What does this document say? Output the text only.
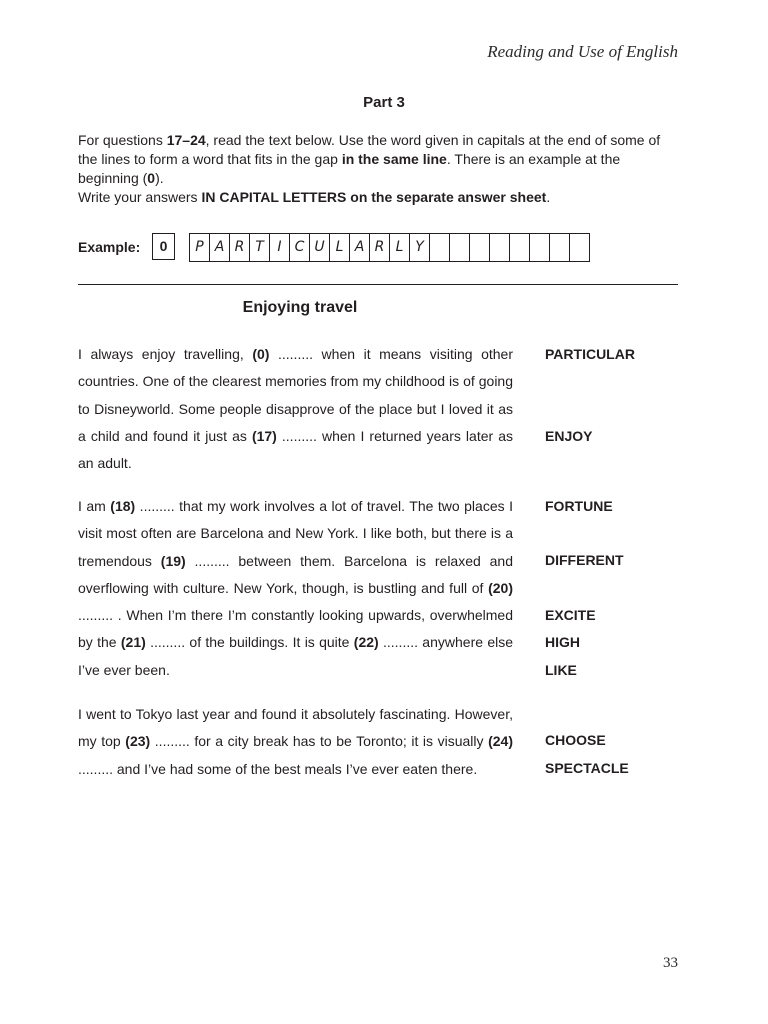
Reading and Use of English
Part 3
For questions 17–24, read the text below. Use the word given in capitals at the end of some of the lines to form a word that fits in the gap in the same line. There is an example at the beginning (0).
Write your answers IN CAPITAL LETTERS on the separate answer sheet.
Example:	0	P A R T I C U L A R L Y
Enjoying travel
I always enjoy travelling, (0) ......... when it means visiting other countries. One of the clearest memories from my childhood is of going to Disneyworld. Some people disapprove of the place but I loved it as a child and found it just as (17) ......... when I returned years later as an adult.
I am (18) ......... that my work involves a lot of travel. The two places I visit most often are Barcelona and New York. I like both, but there is a tremendous (19) ......... between them. Barcelona is relaxed and overflowing with culture. New York, though, is bustling and full of (20) ......... . When I’m there I’m constantly looking upwards, overwhelmed by the (21) ......... of the buildings. It is quite (22) ......... anywhere else I’ve ever been.
I went to Tokyo last year and found it absolutely fascinating. However, my top (23) ......... for a city break has to be Toronto; it is visually (24) ......... and I’ve had some of the best meals I’ve ever eaten there.
PARTICULAR
ENJOY
FORTUNE
DIFFERENT
EXCITE
HIGH
LIKE
CHOOSE
SPECTACLE
33
